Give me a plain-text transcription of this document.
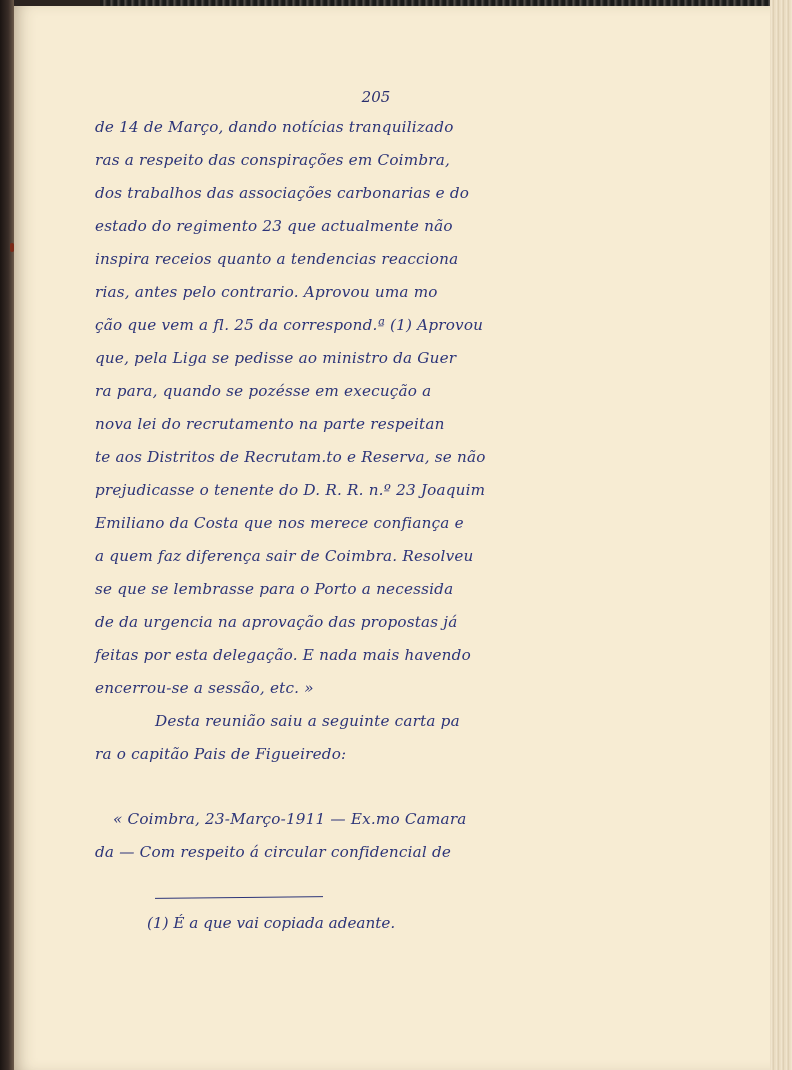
205
de 14 de Março, dando notícias tranquilizado
ras a respeito das conspirações em Coimbra,
dos trabalhos das associações carbonarias e do
estado do regimento 23 que actualmente não
inspira receios quanto a tendencias reacciona
rias, antes pelo contrario. Aprovou uma mo
ção que vem a fl. 25 da correspond.ª (1) Aprovou
que, pela Liga se pedisse ao ministro da Guer
ra para, quando se pozésse em execução a
nova lei do recrutamento na parte respeitan
te aos Distritos de Recrutam.to e Reserva, se não
prejudicasse o tenente do D. R. R. n.º 23 Joaquim
Emiliano da Costa que nos merece confiança e
a quem faz diferença sair de Coimbra. Resolveu
se que se lembrasse para o Porto a necessida
de da urgencia na aprovação das propostas já
feitas por esta delegação. E nada mais havendo
encerrou-se a sessão, etc. »
Desta reunião saiu a seguinte carta pa
ra o capitão Pais de Figueiredo:
« Coimbra, 23-Março-1911 — Ex.mo Camara
da — Com respeito á circular confidencial de
(1) É a que vai copiada adeante.
